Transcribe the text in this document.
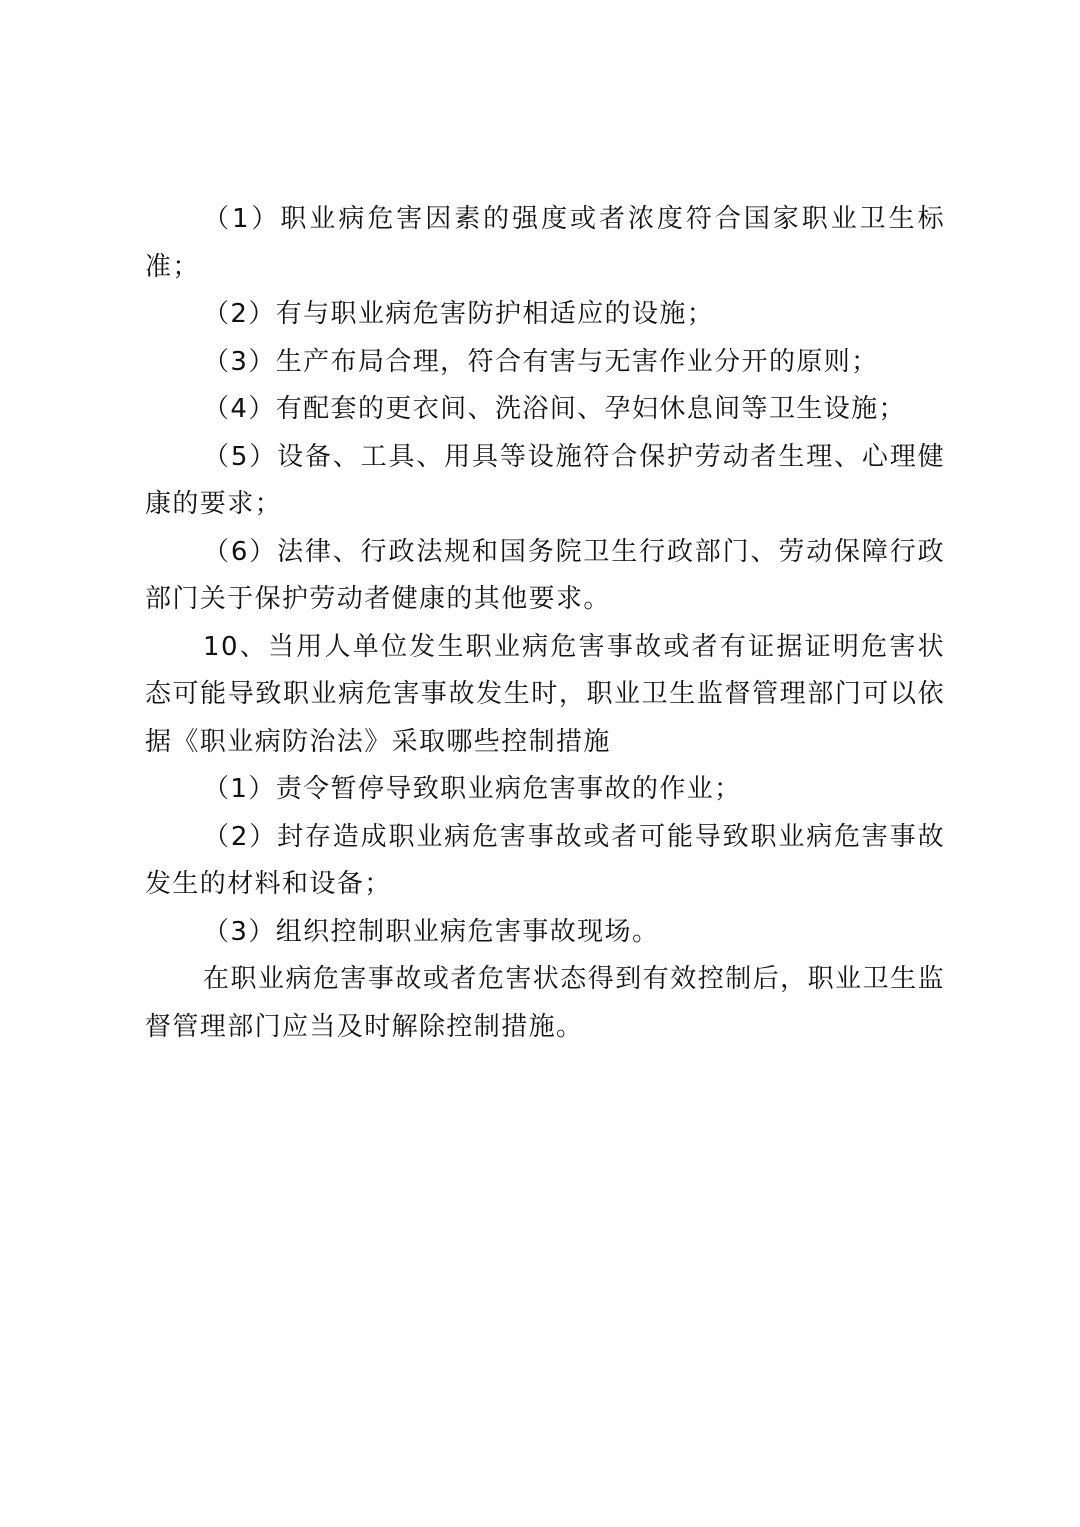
（1）职业病危害因素的强度或者浓度符合国家职业卫生标准；

（2）有与职业病危害防护相适应的设施；

（3）生产布局合理，符合有害与无害作业分开的原则；

（4）有配套的更衣间、洗浴间、孕妇休息间等卫生设施；

（5）设备、工具、用具等设施符合保护劳动者生理、心理健康的要求；

（6）法律、行政法规和国务院卫生行政部门、劳动保障行政部门关于保护劳动者健康的其他要求。

10、当用人单位发生职业病危害事故或者有证据证明危害状态可能导致职业病危害事故发生时，职业卫生监督管理部门可以依据《职业病防治法》采取哪些控制措施

（1）责令暂停导致职业病危害事故的作业；

（2）封存造成职业病危害事故或者可能导致职业病危害事故发生的材料和设备；

（3）组织控制职业病危害事故现场。

在职业病危害事故或者危害状态得到有效控制后，职业卫生监督管理部门应当及时解除控制措施。
